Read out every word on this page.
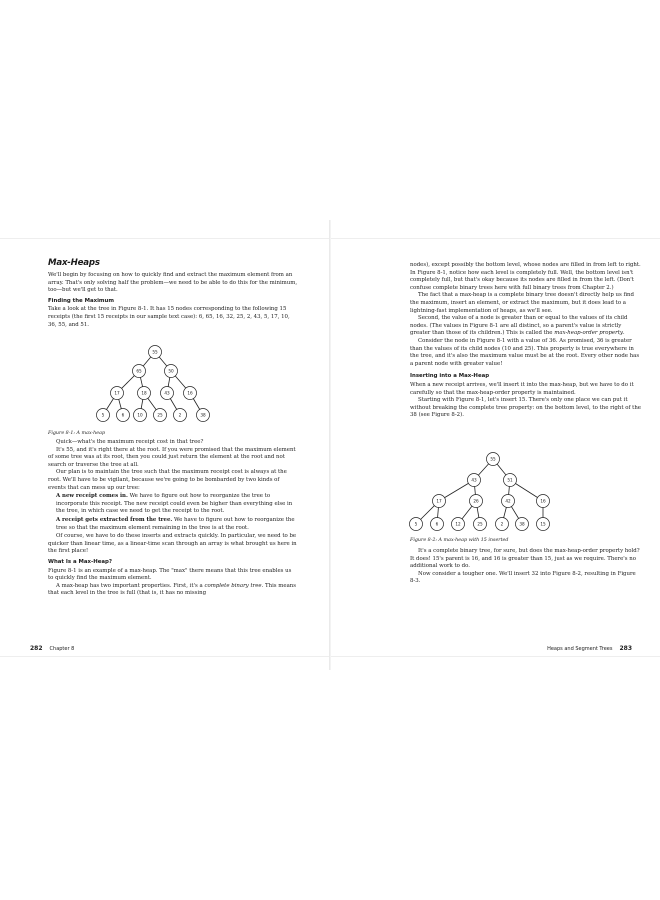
Max-Heaps

We'll begin by focusing on how to quickly find and extract the maximum element from an array. That's only solving half the problem—we need to be able to do this for the minimum, too—but we'll get to that.

Finding the Maximum

Take a look at the tree in Figure 8-1. It has 15 nodes corresponding to the following 15 receipts (the first 15 receipts in our sample text case): 6, 65, 16, 32, 25, 2, 43, 5, 17, 10, 36, 55, and 51.

55
65	50
17	18	43	16
5	6	10	25	2	38

Figure 8-1: A max-heap

Quick—what's the maximum receipt cost in that tree?

It's 55, and it's right there at the root. If you were promised that the maximum element of some tree was at its root, then you could just return the element at the root and not search or traverse the tree at all.

Our plan is to maintain the tree such that the maximum receipt cost is always at the root. We'll have to be vigilant, because we're going to be bombarded by two kinds of events that can mess up our tree:

A new receipt comes in. We have to figure out how to reorganize the tree to incorporate this receipt. The new receipt could even be higher than everything else in the tree, in which case we need to get the receipt to the root.

A receipt gets extracted from the tree. We have to figure out how to reorganize the tree so that the maximum element remaining in the tree is at the root.

Of course, we have to do these inserts and extracts quickly. In particular, we need to be quicker than linear time, as a linear-time scan through an array is what brought us here in the first place!

What Is a Max-Heap?

Figure 8-1 is an example of a max-heap. The "max" there means that this tree enables us to quickly find the maximum element.

A max-heap has two important properties. First, it's a complete binary tree. This means that each level in the tree is full (that is, it has no missing

282 Chapter 8

nodes), except possibly the bottom level, whose nodes are filled in from left to right. In Figure 8-1, notice how each level is completely full. Well, the bottom level isn't completely full, but that's okay because its nodes are filled in from the left. (Don't confuse complete binary trees here with full binary trees from Chapter 2.)

The fact that a max-heap is a complete binary tree doesn't directly help us find the maximum, insert an element, or extract the maximum, but it does lead to a lightning-fast implementation of heaps, as we'll see.

Second, the value of a node is greater than or equal to the values of its child nodes. (The values in Figure 8-1 are all distinct, so a parent's value is strictly greater than those of its children.) This is called the max-heap-order property.

Consider the node in Figure 8-1 with a value of 36. As promised, 36 is greater than the values of its child nodes (10 and 25). This property is true everywhere in the tree, and it's also the maximum value must be at the root. Every other node has a parent node with greater value!

Inserting into a Max-Heap

When a new receipt arrives, we'll insert it into the max-heap, but we have to do it carefully so that the max-heap-order property is maintained.

Starting with Figure 8-1, let's insert 15. There's only one place we can put it without breaking the complete tree property: on the bottom level, to the right of the 38 (see Figure 8-2).

55
43	51
17	26	42	16
5	6	12	25	2	38	15

Figure 8-2: A max-heap with 15 inserted

It's a complete binary tree, for sure, but does the max-heap-order property hold? It does! 15's parent is 16, and 16 is greater than 15, just as we require. There's no additional work to do.

Now consider a tougher one. We'll insert 32 into Figure 8-2, resulting in Figure 8-3.

Heaps and Segment Trees 283
